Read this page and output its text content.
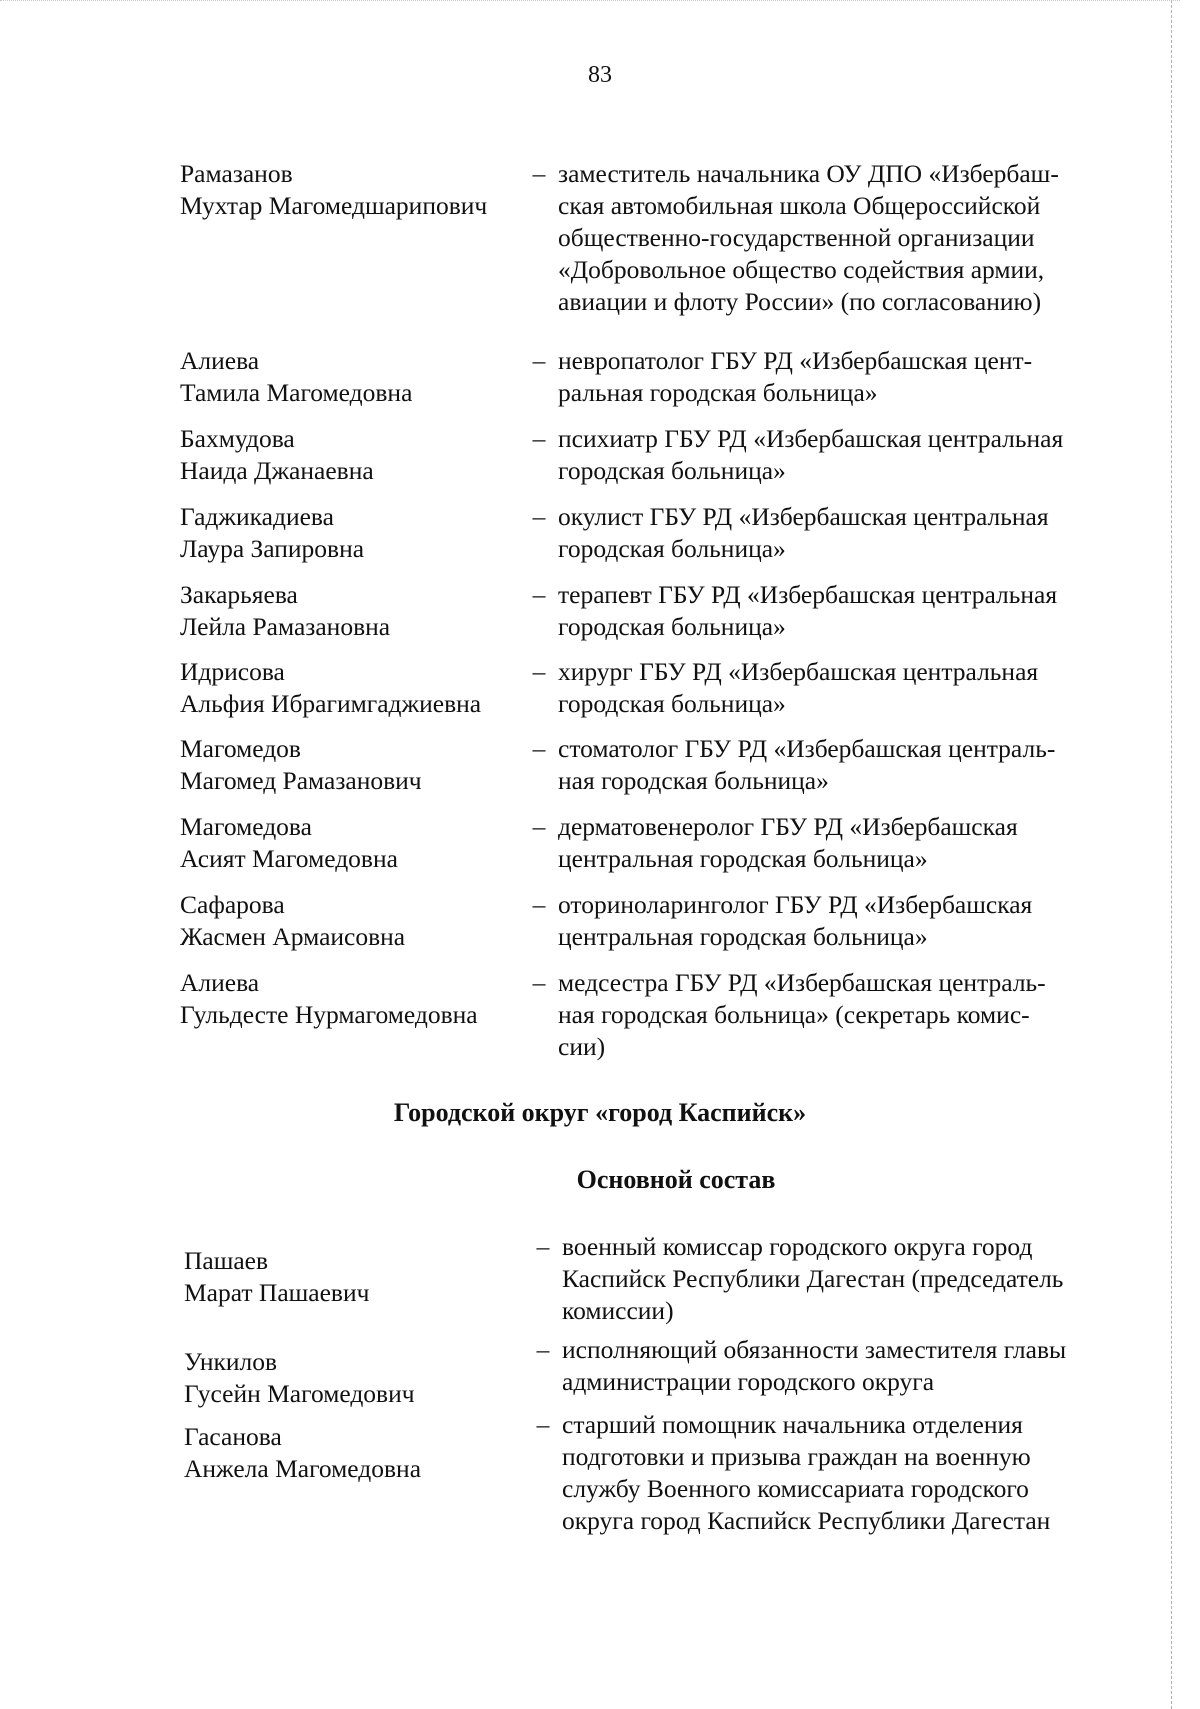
83
Рамазанов
Мухтар Магомедшарипович
– заместитель начальника ОУ ДПО «Избербаш-
ская автомобильная школа Общероссийской
общественно-государственной организации
«Добровольное общество содействия армии,
авиации и флоту России» (по согласованию)
Алиева
Тамила Магомедовна
– невропатолог ГБУ РД «Избербашская цент-
ральная городская больница»
Бахмудова
Наида Джанаевна
– психиатр ГБУ РД «Избербашская центральная
городская больница»
Гаджикадиева
Лаура Запировна
– окулист ГБУ РД «Избербашская центральная
городская больница»
Закарьяева
Лейла Рамазановна
– терапевт ГБУ РД «Избербашская центральная
городская больница»
Идрисова
Альфия Ибрагимгаджиевна
– хирург ГБУ РД «Избербашская центральная
городская больница»
Магомедов
Магомед Рамазанович
– стоматолог ГБУ РД «Избербашская централь-
ная городская больница»
Магомедова
Асият Магомедовна
– дерматовенеролог ГБУ РД «Избербашская
центральная городская больница»
Сафарова
Жасмен Армаисовна
– оториноларинголог ГБУ РД «Избербашская
центральная городская больница»
Алиева
Гульдесте Нурмагомедовна
– медсестра ГБУ РД «Избербашская централь-
ная городская больница» (секретарь комис-
сии)
Городской округ «город Каспийск»
Основной состав
Пашаев
Марат Пашаевич
– военный комиссар городского округа город
Каспийск Республики Дагестан (председатель
комиссии)
Ункилов
Гусейн Магомедович
– исполняющий обязанности заместителя главы
администрации городского округа
Гасанова
Анжела Магомедовна
– старший помощник начальника отделения
подготовки и призыва граждан на военную
службу Военного комиссариата городского
округа город Каспийск Республики Дагестан
